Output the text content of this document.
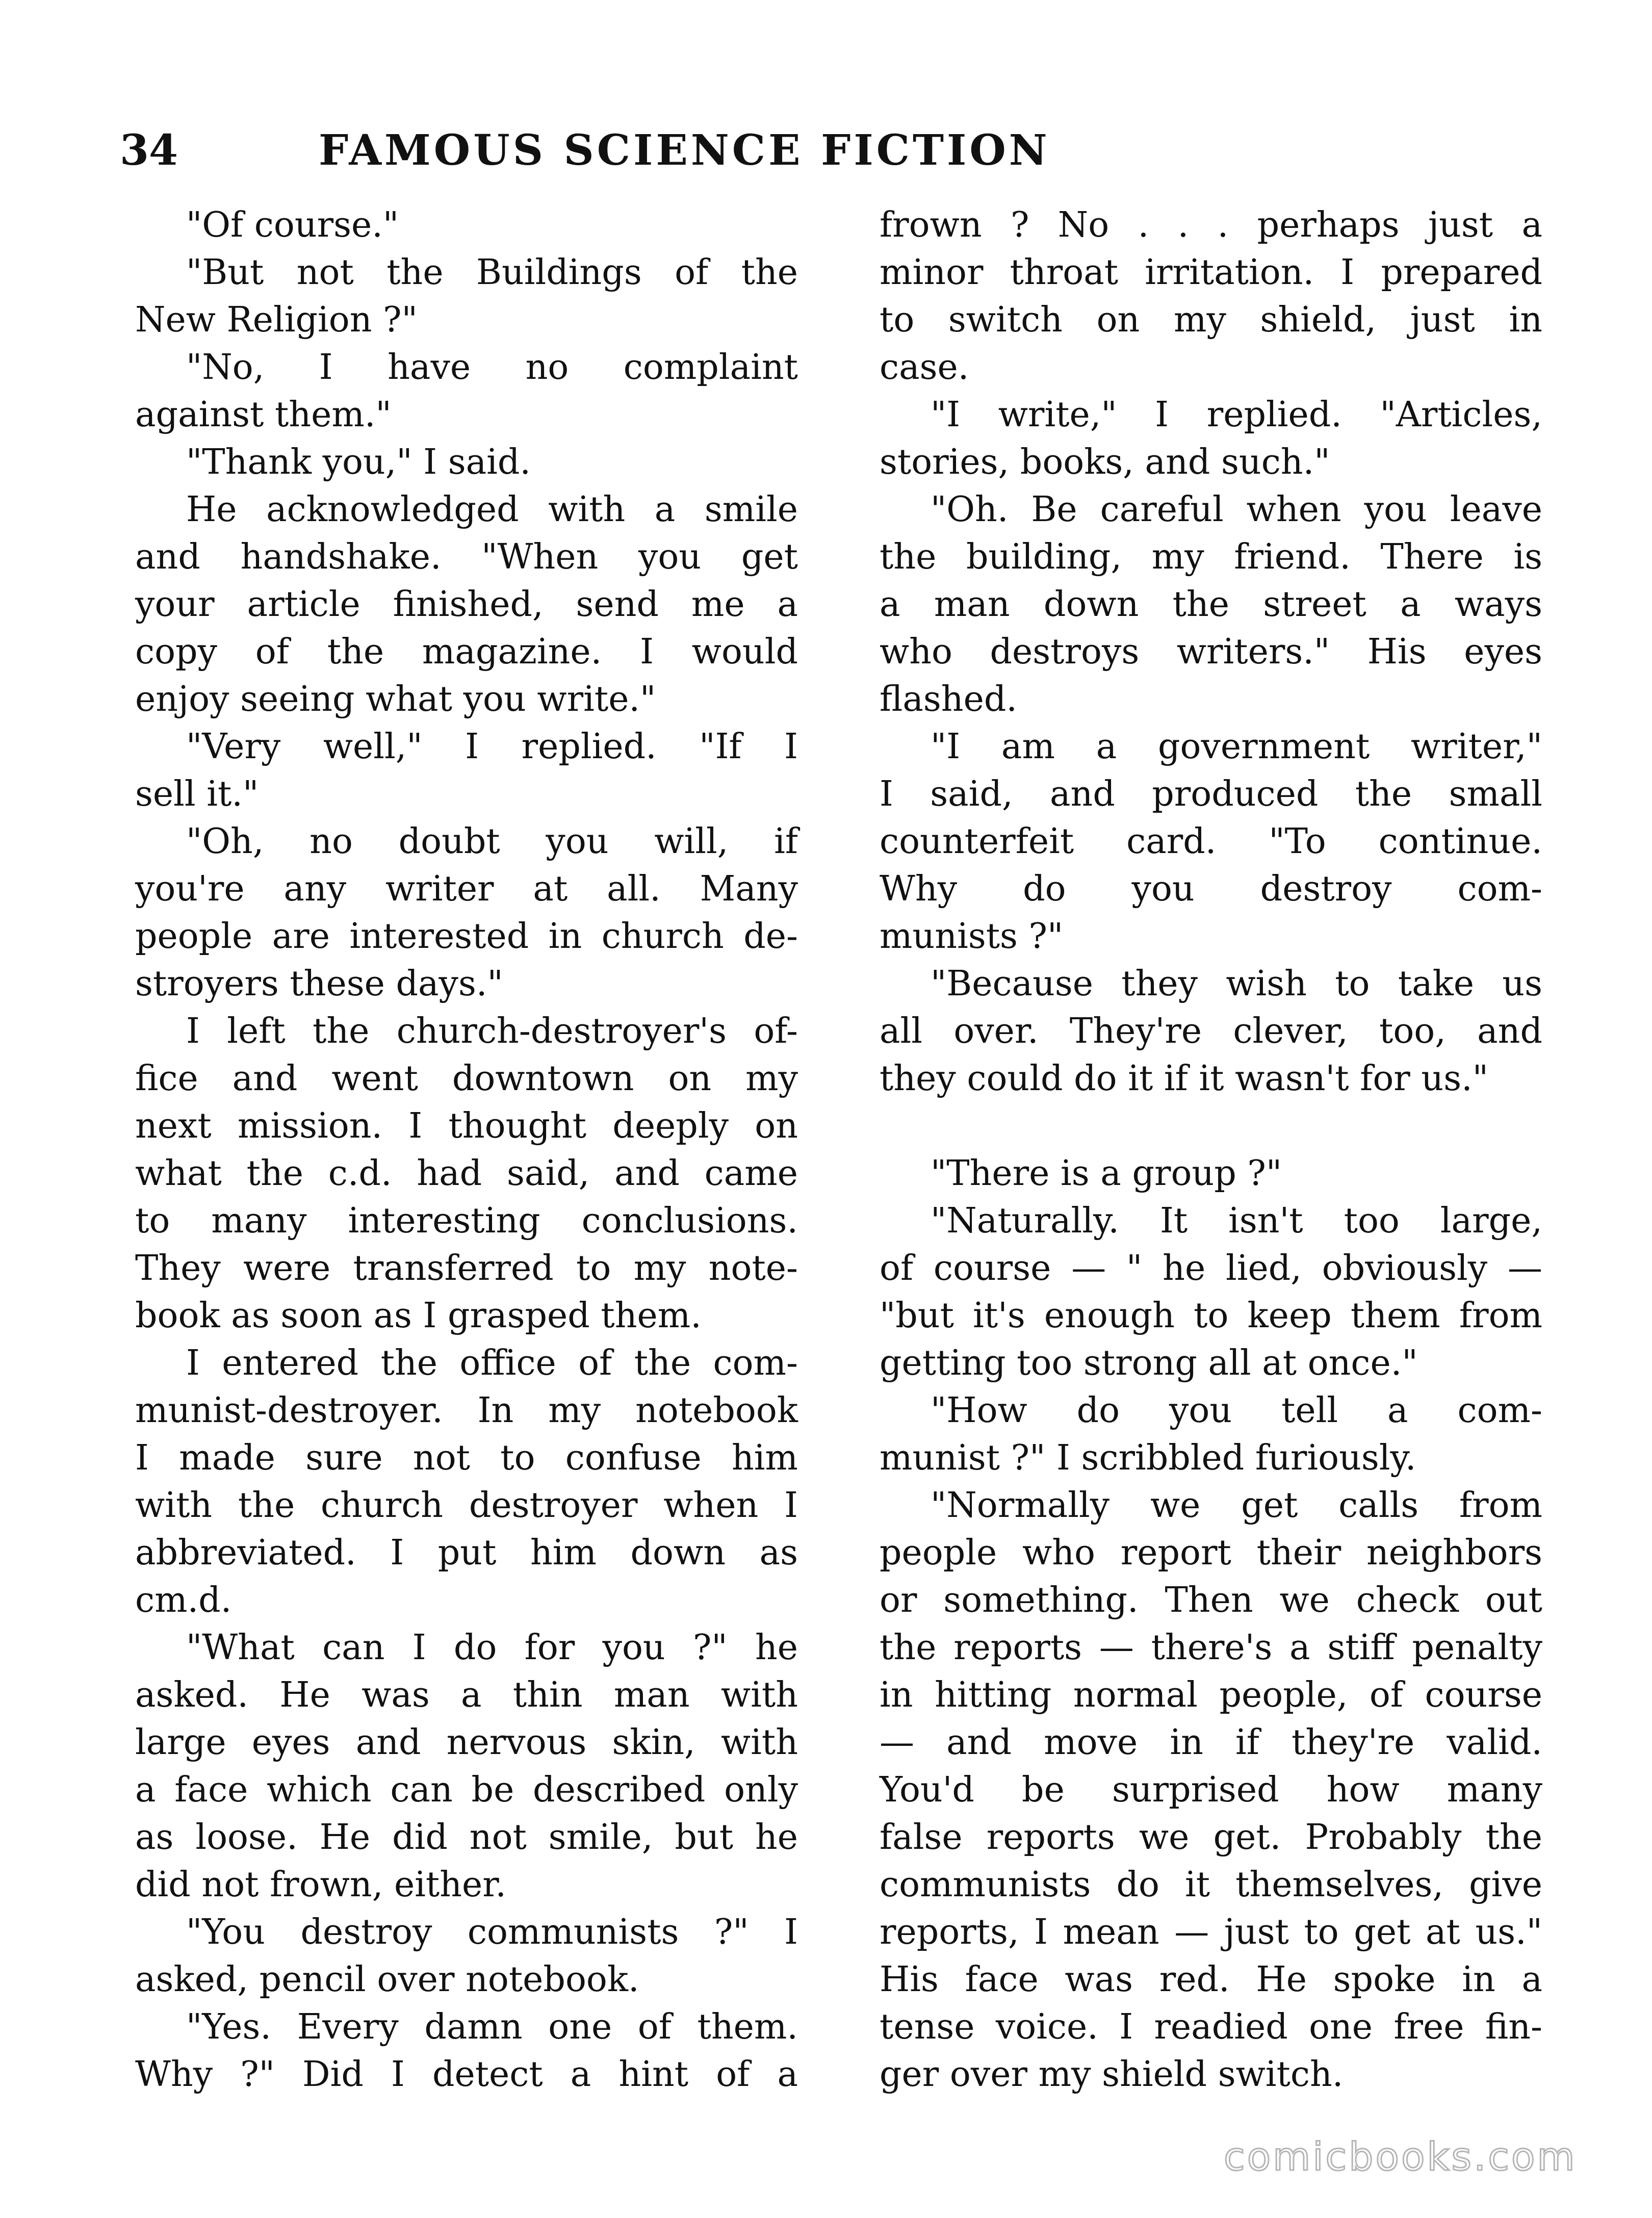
34	FAMOUS SCIENCE FICTION
"Of course."
"But not the Buildings of the
New Religion ?"
"No, I have no complaint
against them."
"Thank you," I said.
He acknowledged with a smile
and handshake. "When you get
your article finished, send me a
copy of the magazine. I would
enjoy seeing what you write."
"Very well," I replied. "If I
sell it."
"Oh, no doubt you will, if
you're any writer at all. Many
people are interested in church de-
stroyers these days."
I left the church-destroyer's of-
fice and went downtown on my
next mission. I thought deeply on
what the c.d. had said, and came
to many interesting conclusions.
They were transferred to my note-
book as soon as I grasped them.
I entered the office of the com-
munist-destroyer. In my notebook
I made sure not to confuse him
with the church destroyer when I
abbreviated. I put him down as
cm.d.
"What can I do for you ?" he
asked. He was a thin man with
large eyes and nervous skin, with
a face which can be described only
as loose. He did not smile, but he
did not frown, either.
"You destroy communists ?" I
asked, pencil over notebook.
"Yes. Every damn one of them.
Why ?" Did I detect a hint of a
frown ? No . . . perhaps just a
minor throat irritation. I prepared
to switch on my shield, just in
case.
"I write," I replied. "Articles,
stories, books, and such."
"Oh. Be careful when you leave
the building, my friend. There is
a man down the street a ways
who destroys writers." His eyes
flashed.
"I am a government writer,"
I said, and produced the small
counterfeit card. "To continue.
Why do you destroy com-
munists ?"
"Because they wish to take us
all over. They're clever, too, and
they could do it if it wasn't for us."
"There is a group ?"
"Naturally. It isn't too large,
of course — " he lied, obviously —
"but it's enough to keep them from
getting too strong all at once."
"How do you tell a com-
munist ?" I scribbled furiously.
"Normally we get calls from
people who report their neighbors
or something. Then we check out
the reports — there's a stiff penalty
in hitting normal people, of course
— and move in if they're valid.
You'd be surprised how many
false reports we get. Probably the
communists do it themselves, give
reports, I mean — just to get at us."
His face was red. He spoke in a
tense voice. I readied one free fin-
ger over my shield switch.
comicbooks.com
